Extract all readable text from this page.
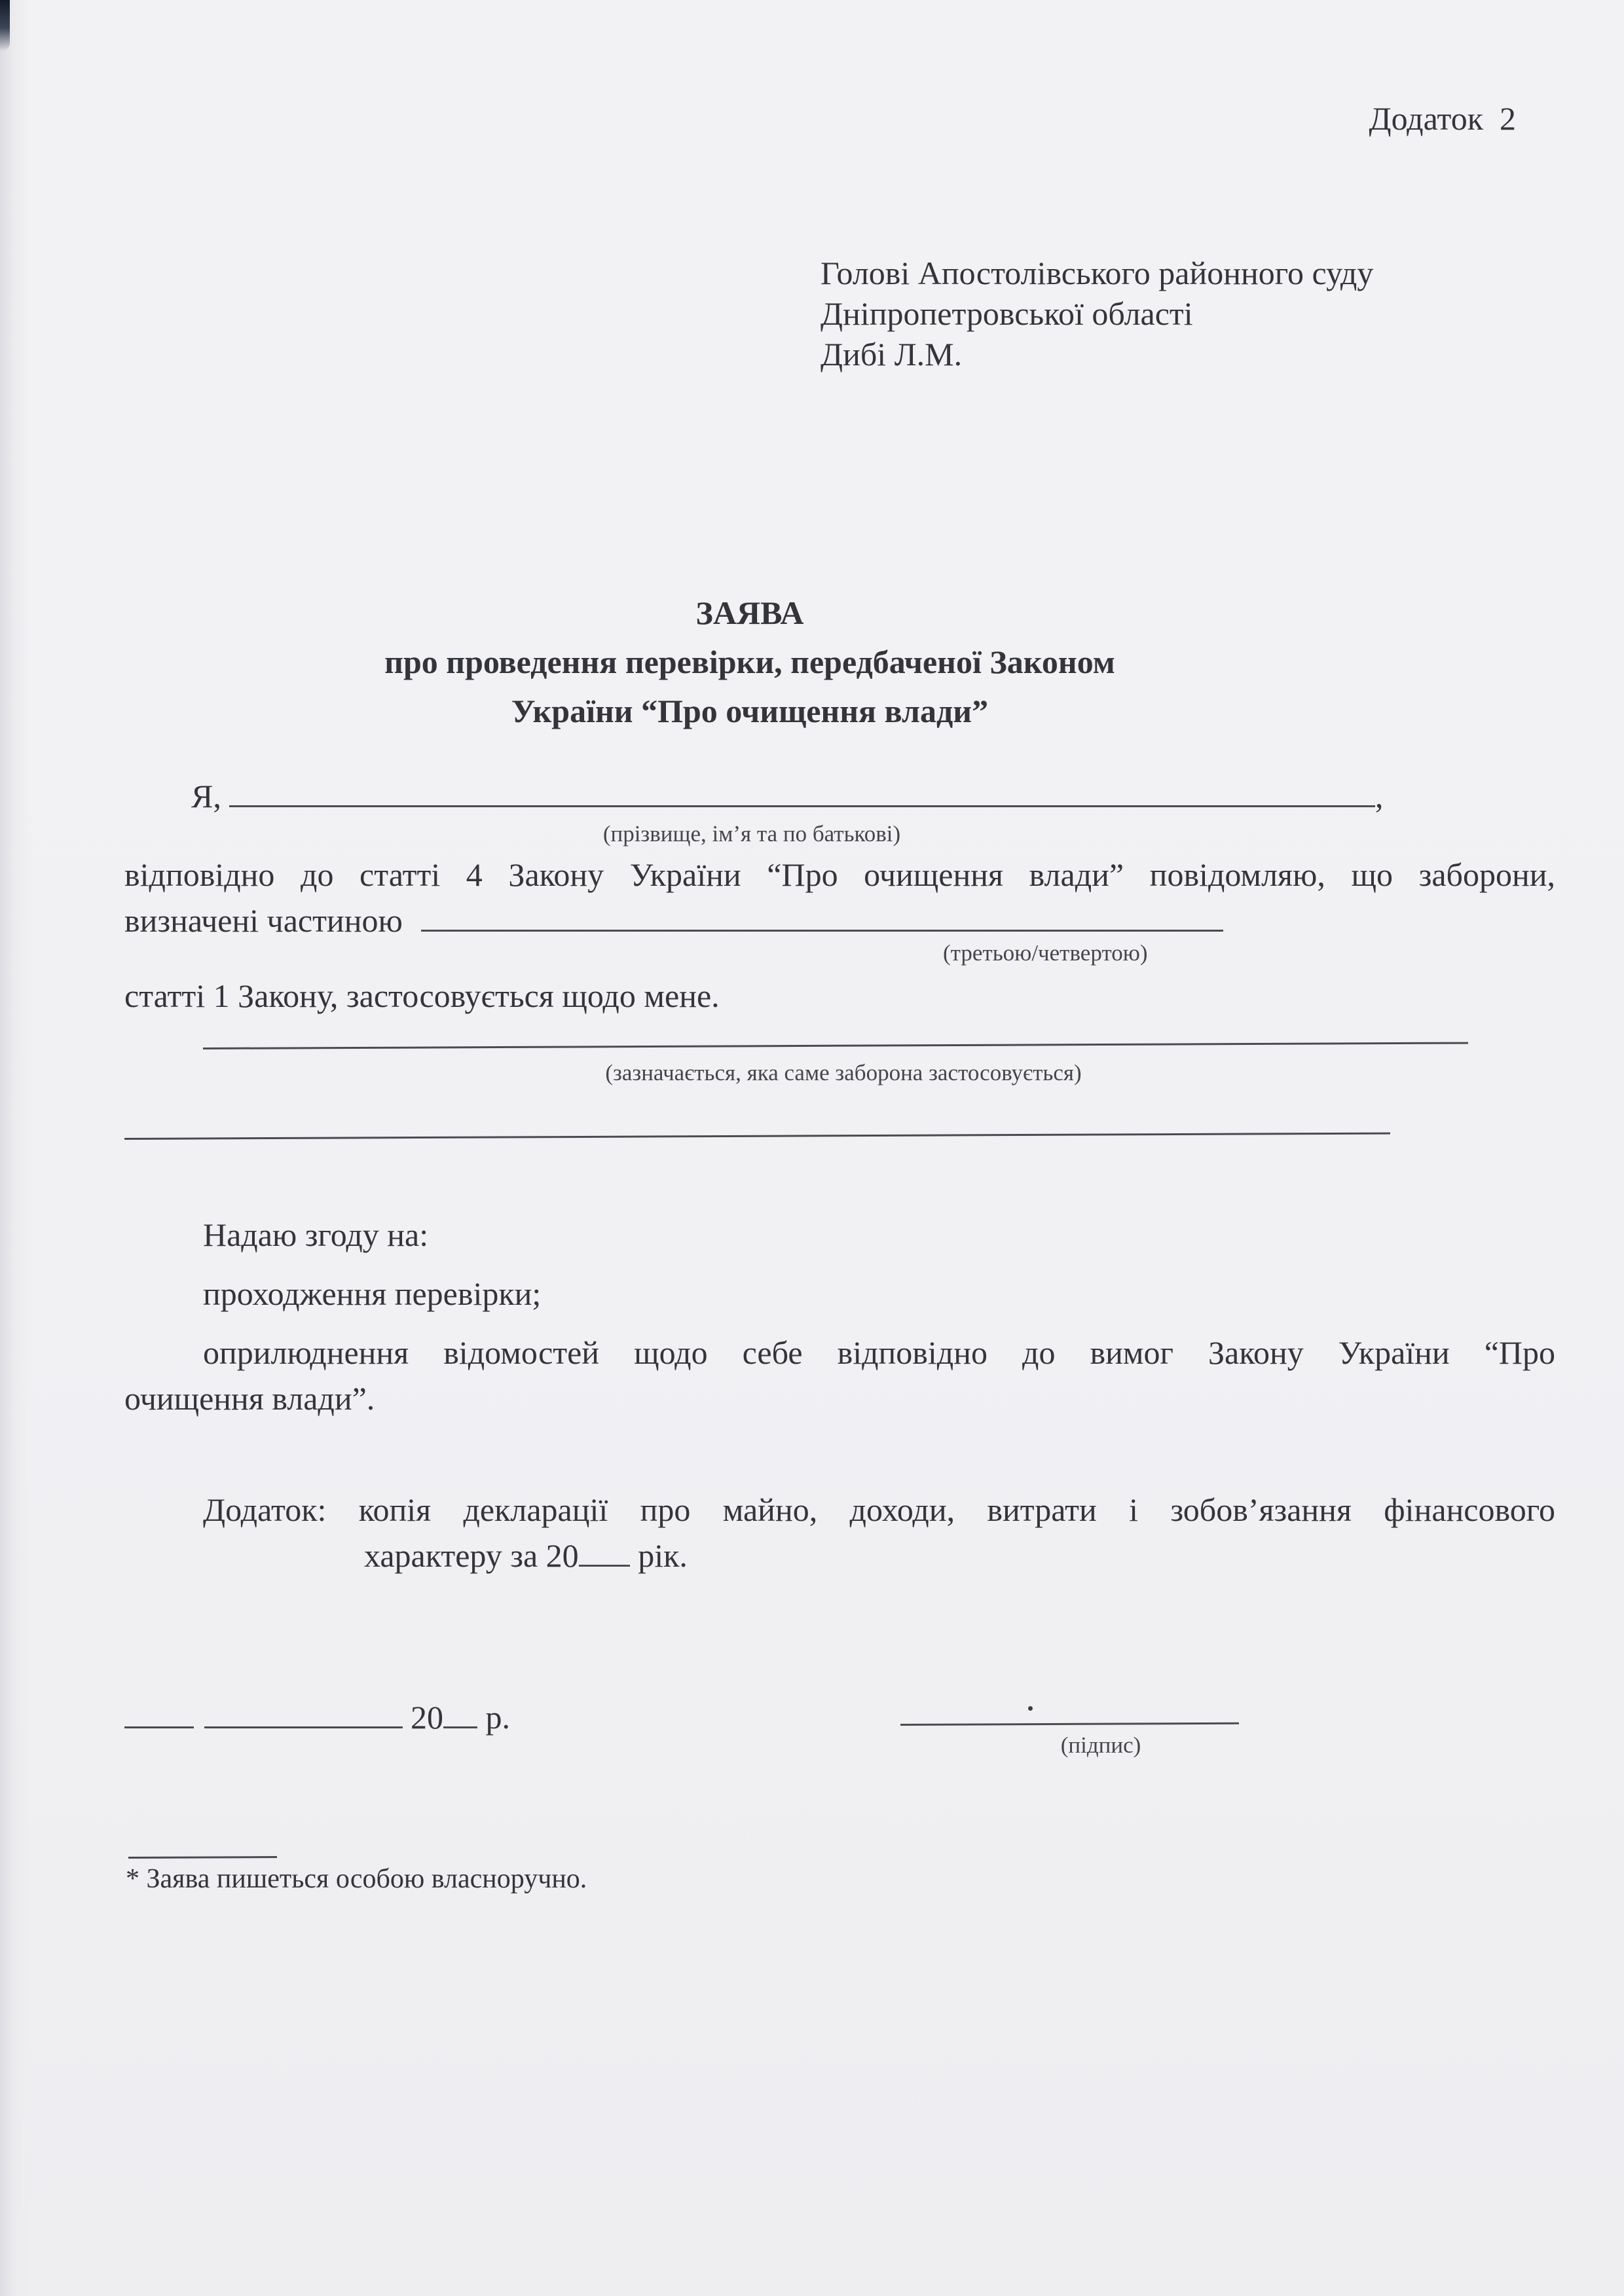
Додаток  2
Голові Апостолівського районного суду
Дніпропетровської області
Дибі Л.М.
ЗАЯВА
про проведення перевірки, передбаченої Законом
України “Про очищення влади”
Я,	,
(прізвище, ім’я та по батькові)
відповідно до статті 4 Закону України “Про очищення влади” повідомляю, що заборони,
визначені частиною
(третьою/четвертою)
статті 1 Закону, застосовується щодо мене.
(зазначається, яка саме заборона застосовується)
Надаю згоду на:
проходження перевірки;
оприлюднення відомостей щодо себе відповідно до вимог Закону України “Про
очищення влади”.
Додаток: копія декларації про майно, доходи, витрати і зобов’язання фінансового
характеру за 20 рік.
20 р.
(підпис)
* Заява пишеться особою власноручно.
